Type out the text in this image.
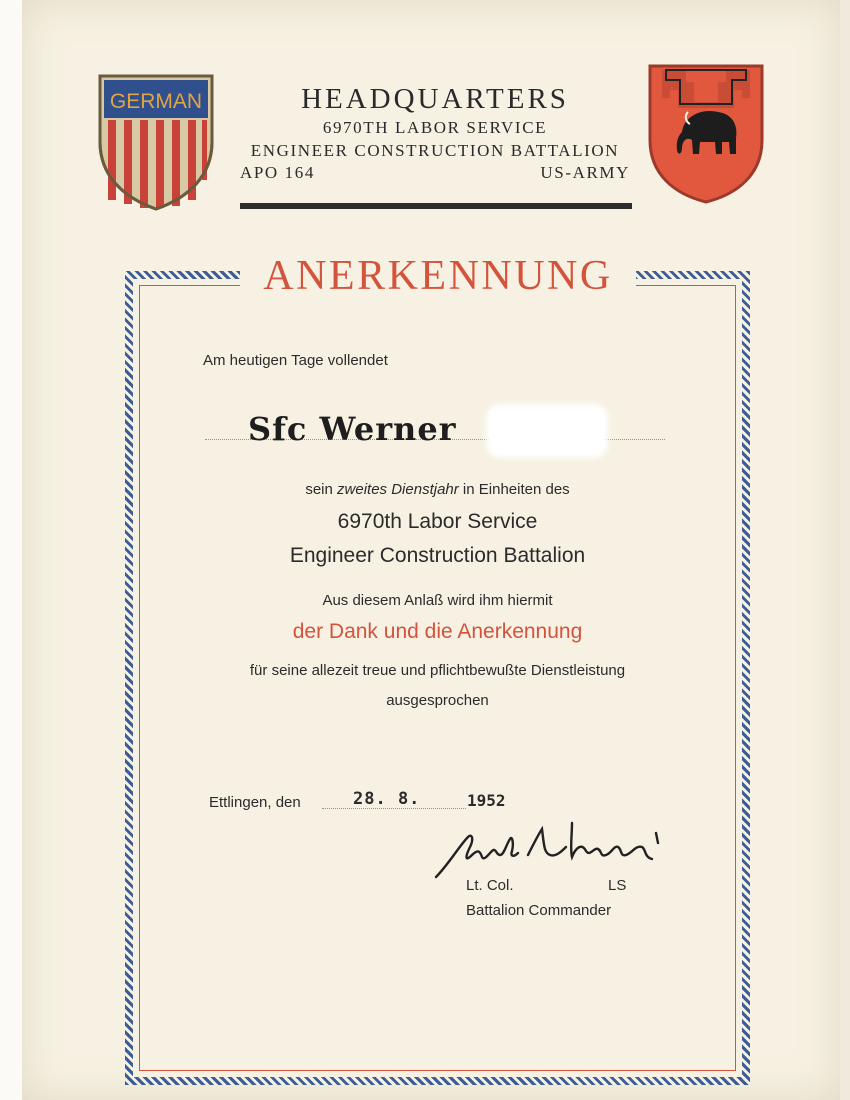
GERMAN	HEADQUARTERS
6970TH LABOR SERVICE
ENGINEER CONSTRUCTION BATTALION
APO 164	US-ARMY
ANERKENNUNG
Am heutigen Tage vollendet
Sfc Werner
sein zweites Dienstjahr in Einheiten des
6970th Labor Service
Engineer Construction Battalion
Aus diesem Anlaß wird ihm hiermit
der Dank und die Anerkennung
für seine allezeit treue und pflichtbewußte Dienstleistung
ausgesprochen
Ettlingen, den	28. 8.	1952
Lt. Col.	LS
Battalion Commander
